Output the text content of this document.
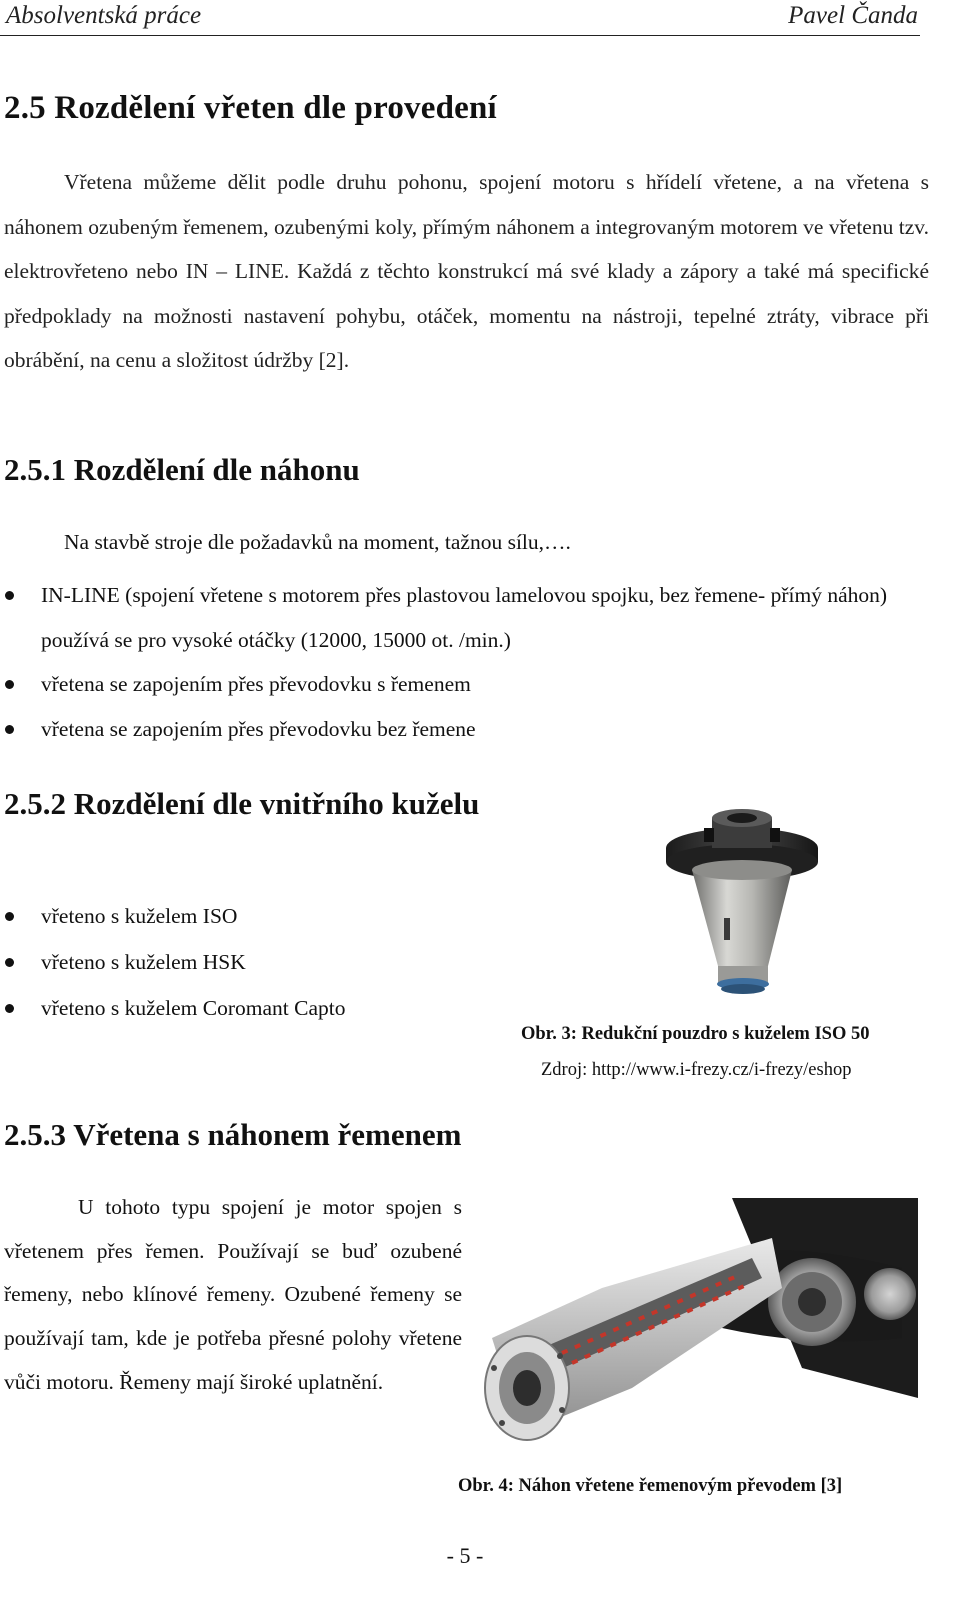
Absolventská práce	Pavel Čanda
2.5 Rozdělení vřeten dle provedení

Vřetena můžeme dělit podle druhu pohonu, spojení motoru s hřídelí vřetene, a na vřetena s náhonem ozubeným řemenem, ozubenými koly, přímým náhonem a integrovaným motorem ve vřetenu tzv. elektrovřeteno nebo IN – LINE. Každá z těchto konstrukcí má své klady a zápory a také má specifické předpoklady na možnosti nastavení pohybu, otáček, momentu na nástroji, tepelné ztráty, vibrace při obrábění, na cenu a složitost údržby [2].

2.5.1 Rozdělení dle náhonu
Na stavbě stroje dle požadavků na moment, tažnou sílu,….
IN-LINE (spojení vřetene s motorem přes plastovou lamelovou spojku, bez řemene- přímý náhon) používá se pro vysoké otáčky (12000, 15000 ot. /min.)
vřetena se zapojením přes převodovku s řemenem
vřetena se zapojením přes převodovku bez řemene
2.5.2 Rozdělení dle vnitřního kuželu
vřeteno s kuželem ISO
vřeteno s kuželem HSK
vřeteno s kuželem Coromant Capto
Obr. 3: Redukční pouzdro s kuželem ISO 50
Zdroj: http://www.i-frezy.cz/i-frezy/eshop
2.5.3 Vřetena s náhonem řemenem

U tohoto typu spojení je motor spojen s vřetenem přes řemen. Používají se buď ozubené řemeny, nebo klínové řemeny. Ozubené řemeny se používají tam, kde je potřeba přesné polohy vřetene vůči motoru. Řemeny mají široké uplatnění.

Obr. 4: Náhon vřetene řemenovým převodem [3]
- 5 -
